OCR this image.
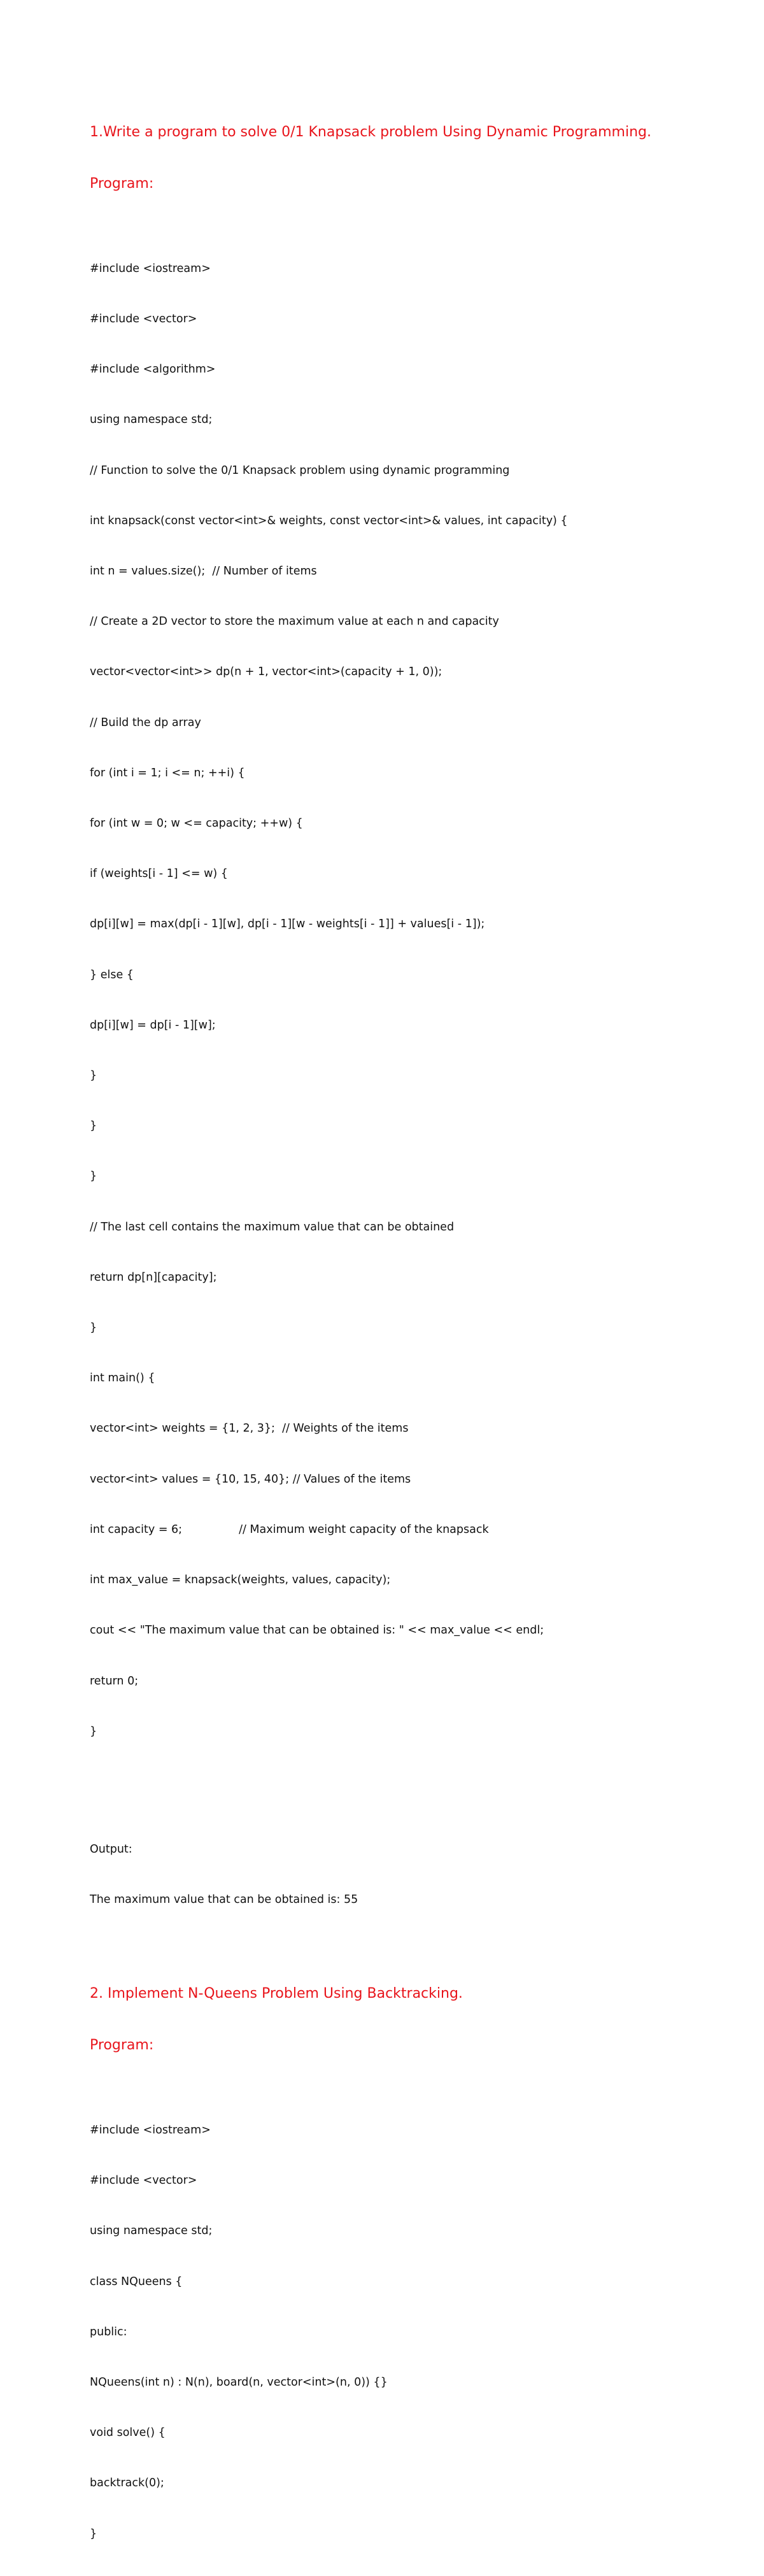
1.Write a program to solve 0/1 Knapsack problem Using Dynamic Programming.

Program:

#include <iostream>

#include <vector>

#include <algorithm>

using namespace std;

// Function to solve the 0/1 Knapsack problem using dynamic programming

int knapsack(const vector<int>& weights, const vector<int>& values, int capacity) {

int n = values.size();  // Number of items

// Create a 2D vector to store the maximum value at each n and capacity

vector<vector<int>> dp(n + 1, vector<int>(capacity + 1, 0));

// Build the dp array

for (int i = 1; i <= n; ++i) {

for (int w = 0; w <= capacity; ++w) {

if (weights[i - 1] <= w) {

dp[i][w] = max(dp[i - 1][w], dp[i - 1][w - weights[i - 1]] + values[i - 1]);

} else {

dp[i][w] = dp[i - 1][w];

}

}

}

// The last cell contains the maximum value that can be obtained

return dp[n][capacity];

}

int main() {

vector<int> weights = {1, 2, 3};  // Weights of the items

vector<int> values = {10, 15, 40}; // Values of the items

int capacity = 6;                // Maximum weight capacity of the knapsack

int max_value = knapsack(weights, values, capacity);

cout << "The maximum value that can be obtained is: " << max_value << endl;

return 0;

}

Output:

The maximum value that can be obtained is: 55

2. Implement N-Queens Problem Using Backtracking.

Program:

#include <iostream>

#include <vector>

using namespace std;

class NQueens {

public:

NQueens(int n) : N(n), board(n, vector<int>(n, 0)) {}

void solve() {

backtrack(0);

}
